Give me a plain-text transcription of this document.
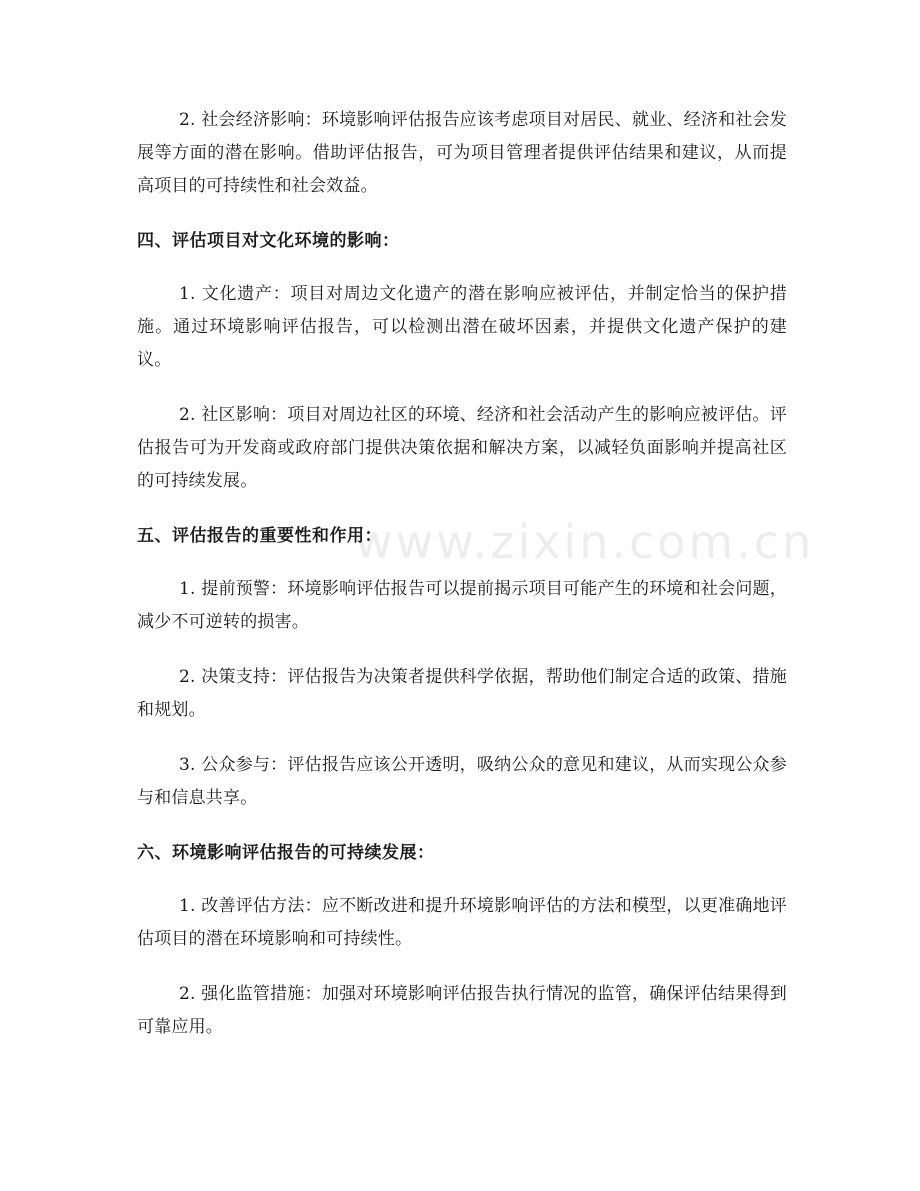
www.zixin.com.cn

2. 社会经济影响：环境影响评估报告应该考虑项目对居民、就业、经济和社会发展等方面的潜在影响。借助评估报告，可为项目管理者提供评估结果和建议，从而提高项目的可持续性和社会效益。

四、评估项目对文化环境的影响：

1. 文化遗产：项目对周边文化遗产的潜在影响应被评估，并制定恰当的保护措施。通过环境影响评估报告，可以检测出潜在破坏因素，并提供文化遗产保护的建议。

2. 社区影响：项目对周边社区的环境、经济和社会活动产生的影响应被评估。评估报告可为开发商或政府部门提供决策依据和解决方案，以减轻负面影响并提高社区的可持续发展。

五、评估报告的重要性和作用：

1. 提前预警：环境影响评估报告可以提前揭示项目可能产生的环境和社会问题，减少不可逆转的损害。

2. 决策支持：评估报告为决策者提供科学依据，帮助他们制定合适的政策、措施和规划。

3. 公众参与：评估报告应该公开透明，吸纳公众的意见和建议，从而实现公众参与和信息共享。

六、环境影响评估报告的可持续发展：

1. 改善评估方法：应不断改进和提升环境影响评估的方法和模型，以更准确地评估项目的潜在环境影响和可持续性。

2. 强化监管措施：加强对环境影响评估报告执行情况的监管，确保评估结果得到可靠应用。
